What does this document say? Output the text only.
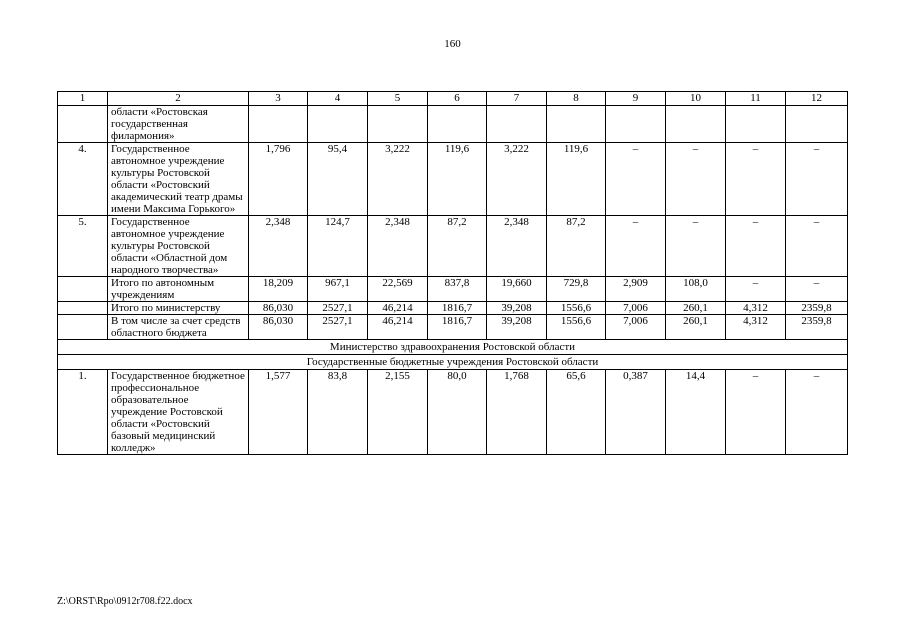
160
1	2	3	4	5	6	7	8	9	10	11	12
	области «Ростовская государственная филармония»										
4.	Государственное автономное учреждение культуры Ростовской области «Ростовский академический театр драмы имени Максима Горького»	1,796	95,4	3,222	119,6	3,222	119,6	–	–	–	–
5.	Государственное автономное учреждение культуры Ростовской области «Областной дом народного творчества»	2,348	124,7	2,348	87,2	2,348	87,2	–	–	–	–
	Итого по автономным учреждениям	18,209	967,1	22,569	837,8	19,660	729,8	2,909	108,0	–	–
	Итого по министерству	86,030	2527,1	46,214	1816,7	39,208	1556,6	7,006	260,1	4,312	2359,8
	В том числе за счет средств областного бюджета	86,030	2527,1	46,214	1816,7	39,208	1556,6	7,006	260,1	4,312	2359,8
Министерство здравоохранения Ростовской области											
Государственные бюджетные учреждения Ростовской области											
1.	Государственное бюджетное профессиональное образовательное учреждение Ростовской области «Ростовский базовый медицинский колледж»	1,577	83,8	2,155	80,0	1,768	65,6	0,387	14,4	–	–
Z:\ORST\Rpo\0912r708.f22.docx
